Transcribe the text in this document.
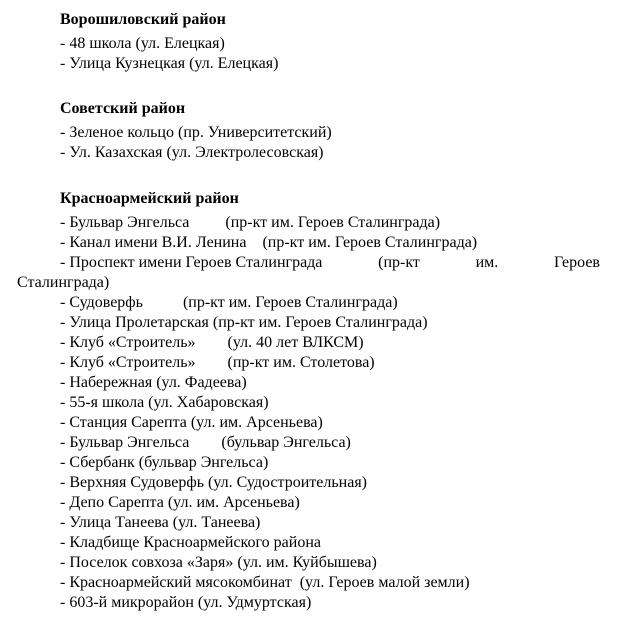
Ворошиловский район
- 48 школа (ул. Елецкая)
- Улица Кузнецкая (ул. Елецкая)
Советский район
- Зеленое кольцо (пр. Университетский)
- Ул. Казахская (ул. Электролесовская)
Красноармейский район
- Бульвар Энгельса         (пр-кт им. Героев Сталинграда)
- Канал имени В.И. Ленина    (пр-кт им. Героев Сталинграда)
- Проспект имени Героев Сталинграда	(пр-кт	им.	Героев
Сталинграда)
- Судоверфь          (пр-кт им. Героев Сталинграда)
- Улица Пролетарская (пр-кт им. Героев Сталинграда)
- Клуб «Строитель»        (ул. 40 лет ВЛКСМ)
- Клуб «Строитель»        (пр-кт им. Столетова)
- Набережная (ул. Фадеева)
- 55-я школа (ул. Хабаровская)
- Станция Сарепта (ул. им. Арсеньева)
- Бульвар Энгельса        (бульвар Энгельса)
- Сбербанк (бульвар Энгельса)
- Верхняя Судоверфь (ул. Судостроительная)
- Депо Сарепта (ул. им. Арсеньева)
- Улица Танеева (ул. Танеева)
- Кладбище Красноармейского района
- Поселок совхоза «Заря» (ул. им. Куйбышева)
- Красноармейский мясокомбинат  (ул. Героев малой земли)
- 603-й микрорайон (ул. Удмуртская)
